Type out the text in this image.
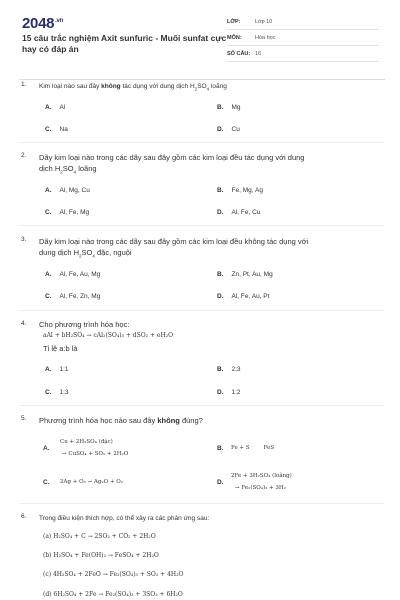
$2048^{.vn}$
15 câu trắc nghiệm Axit sunfuric - Muối sunfat cực hay có đáp án
LỚP:	Lớp 10
MÔN:	Hóa học
SỐ CÂU: 16
1. Kim loại nào sau đây không tác dụng với dung dịch $H_2SO_4$ loãng
A. Al	B. Mg
C. Na	D. Cu
2. Dãy kim loại nào trong các dãy sau đây gồm các kim loại đều tác dụng với dung
dịch $H_2SO_4$ loãng
A. Al, Mg, Cu	B. Fe, Mg, Ag
C. Al, Fe, Mg	D. Al, Fe, Cu
3. Dãy kim loại nào trong các dãy sau đây gồm các kim loại đều không tác dụng với
dung dịch $H_2SO_4$ đặc, nguội
A. Al, Fe, Au, Mg	B. Zn, Pt, Au, Mg
C. Al, Fe, Zn, Mg	D. Al, Fe, Au, Pt
4. Cho phương trình hóa học:
aAl + bH₂SO₄ → cAl₂(SO₄)₃ + dSO₂ + eH₂O
Tỉ lệ a:b là
A. 1:1	B. 2:3
C. 1:3	D. 1:2
5. Phương trình hóa học nào sau đây không đúng?
A.
Cu + 2H₂SO₄ (đặc)
→ CuSO₄ + SO₂ + 2H₂O
B.	Fe + S	FeS
C.	2Ag + O₃ → Ag₂O + O₂	D.
2Fe + 3H₂SO₄ (loãng)
→ Fe₂(SO₄)₃ + 3H₂
6. Trong điều kiện thích hợp, có thể xảy ra các phản ứng sau:
(a) H₂SO₄ + C → 2SO₂ + CO₂ + 2H₂O
(b) H₂SO₄ + Fe(OH)₂ → FeSO₄ + 2H₂O
(c) 4H₂SO₄ + 2FeO → Fe₂(SO₄)₃ + SO₂ + 4H₂O
(d) 6H₂SO₄ + 2Fe → Fe₂(SO₄)₃ + 3SO₂ + 6H₂O
